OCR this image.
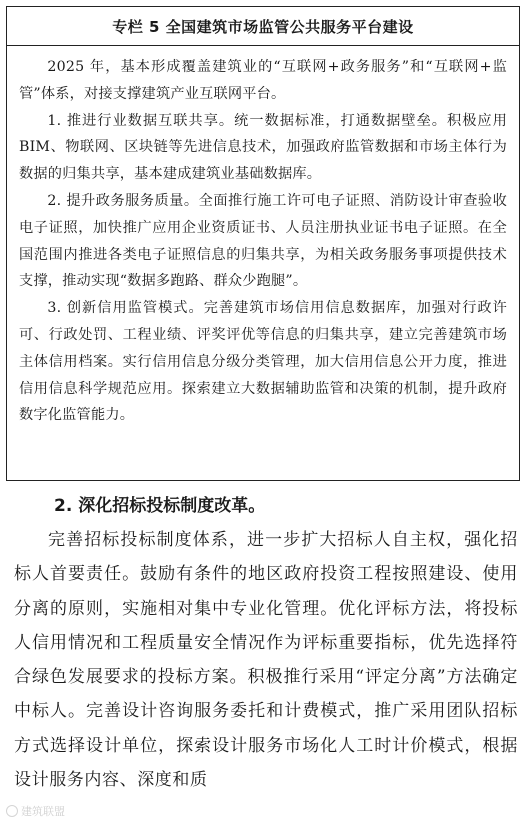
专栏 5 全国建筑市场监管公共服务平台建设

2025 年，基本形成覆盖建筑业的“互联网+政务服务”和“互联网+监管”体系，对接支撑建筑产业互联网平台。

1. 推进行业数据互联共享。统一数据标准，打通数据壁垒。积极应用 BIM、物联网、区块链等先进信息技术，加强政府监管数据和市场主体行为数据的归集共享，基本建成建筑业基础数据库。

2. 提升政务服务质量。全面推行施工许可电子证照、消防设计审查验收电子证照，加快推广应用企业资质证书、人员注册执业证书电子证照。在全国范围内推进各类电子证照信息的归集共享，为相关政务服务事项提供技术支撑，推动实现“数据多跑路、群众少跑腿”。

3. 创新信用监管模式。完善建筑市场信用信息数据库，加强对行政许可、行政处罚、工程业绩、评奖评优等信息的归集共享，建立完善建筑市场主体信用档案。实行信用信息分级分类管理，加大信用信息公开力度，推进信用信息科学规范应用。探索建立大数据辅助监管和决策的机制，提升政府数字化监管能力。

2. 深化招标投标制度改革。

完善招标投标制度体系，进一步扩大招标人自主权，强化招标人首要责任。鼓励有条件的地区政府投资工程按照建设、使用分离的原则，实施相对集中专业化管理。优化评标方法，将投标人信用情况和工程质量安全情况作为评标重要指标，优先选择符合绿色发展要求的投标方案。积极推行采用“评定分离”方法确定中标人。完善设计咨询服务委托和计费模式，推广采用团队招标方式选择设计单位，探索设计服务市场化人工时计价模式，根据设计服务内容、深度和质

建筑联盟
